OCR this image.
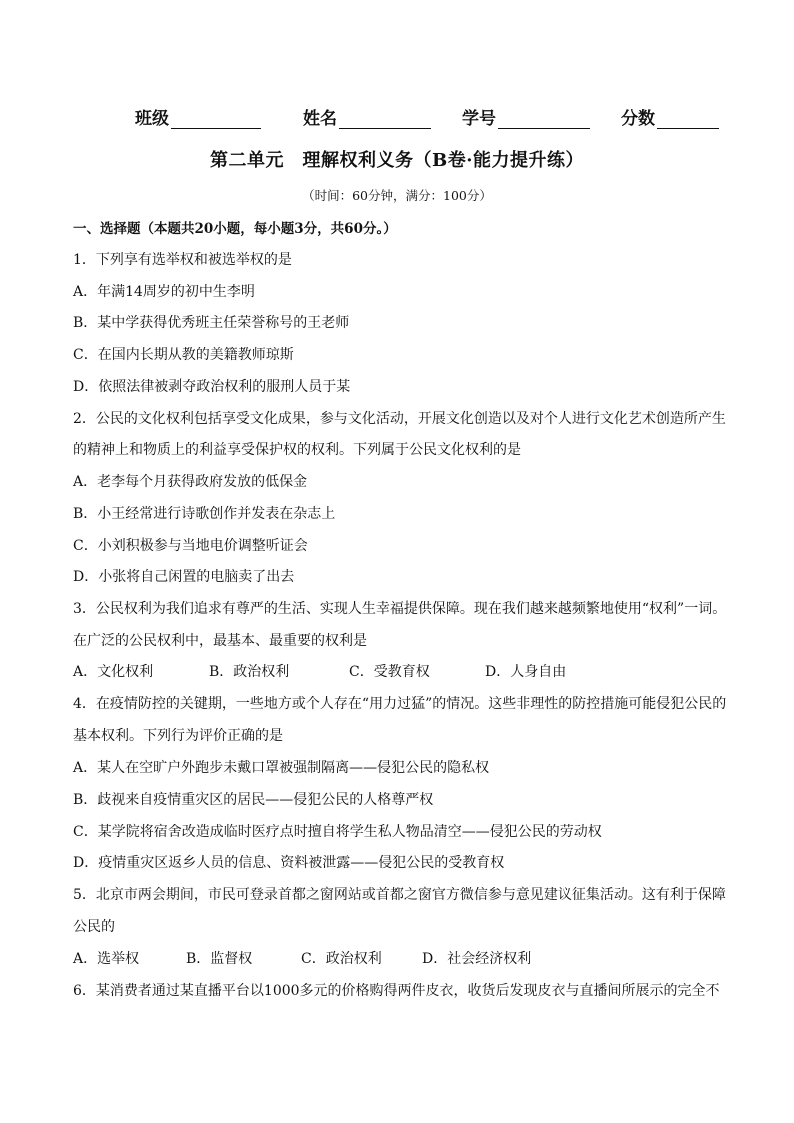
班级	姓名	学号	分数
第二单元　理解权利义务（B卷·能力提升练）
（时间：60分钟，满分：100分）
一、选择题（本题共20小题，每小题3分，共60分。）
1．下列享有选举权和被选举权的是
A．年满14周岁的初中生李明
B．某中学获得优秀班主任荣誉称号的王老师
C．在国内长期从教的美籍教师琼斯
D．依照法律被剥夺政治权利的服刑人员于某
2．公民的文化权利包括享受文化成果，参与文化活动，开展文化创造以及对个人进行文化艺术创造所产生
的精神上和物质上的利益享受保护权的权利。下列属于公民文化权利的是
A．老李每个月获得政府发放的低保金
B．小王经常进行诗歌创作并发表在杂志上
C．小刘积极参与当地电价调整听证会
D．小张将自己闲置的电脑卖了出去
3．公民权利为我们追求有尊严的生活、实现人生幸福提供保障。现在我们越来越频繁地使用“权利”一词。
在广泛的公民权利中，最基本、最重要的权利是
A．文化权利	B．政治权利	C．受教育权	D．人身自由
4．在疫情防控的关键期，一些地方或个人存在“用力过猛”的情况。这些非理性的防控措施可能侵犯公民的
基本权利。下列行为评价正确的是
A．某人在空旷户外跑步未戴口罩被强制隔离——侵犯公民的隐私权
B．歧视来自疫情重灾区的居民——侵犯公民的人格尊严权
C．某学院将宿舍改造成临时医疗点时擅自将学生私人物品清空——侵犯公民的劳动权
D．疫情重灾区返乡人员的信息、资料被泄露——侵犯公民的受教育权
5．北京市两会期间，市民可登录首都之窗网站或首都之窗官方微信参与意见建议征集活动。这有利于保障
公民的
A．选举权	B．监督权	C．政治权利	D．社会经济权利
6．某消费者通过某直播平台以1000多元的价格购得两件皮衣，收货后发现皮衣与直播间所展示的完全不
